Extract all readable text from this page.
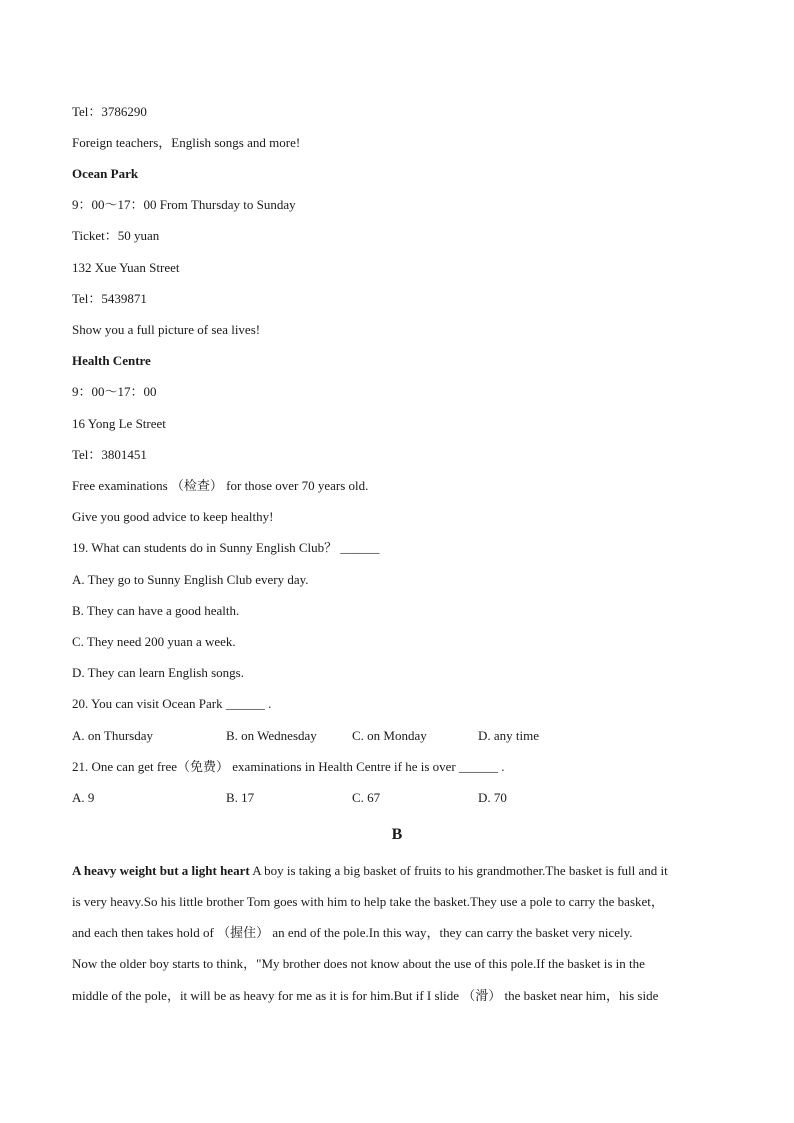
Tel：3786290
Foreign teachers，English songs and more!
Ocean Park
9：00～17：00 From Thursday to Sunday
Ticket：50 yuan
132 Xue Yuan Street
Tel：5439871
Show you a full picture of sea lives!
Health Centre
9：00～17：00
16 Yong Le Street
Tel：3801451
Free examinations （检查） for those over 70 years old.
Give you good advice to keep healthy!
19. What can students do in Sunny English Club？ ______
A. They go to Sunny English Club every day.
B. They can have a good health.
C. They need 200 yuan a week.
D. They can learn English songs.
20. You can visit Ocean Park ______ .
A. on Thursday	B. on Wednesday	C. on Monday	D. any time
21. One can get free（免费） examinations in Health Centre if he is over ______ .
A. 9	B. 17	C. 67	D. 70
B
A heavy weight but a light heart A boy is taking a big basket of fruits to his grandmother.The basket is full and it
is very heavy.So his little brother Tom goes with him to help take the basket.They use a pole to carry the basket，
and each then takes hold of （握住） an end of the pole.In this way，they can carry the basket very nicely.
Now the older boy starts to think，"My brother does not know about the use of this pole.If the basket is in the
middle of the pole，it will be as heavy for me as it is for him.But if I slide （滑） the basket near him，his side
